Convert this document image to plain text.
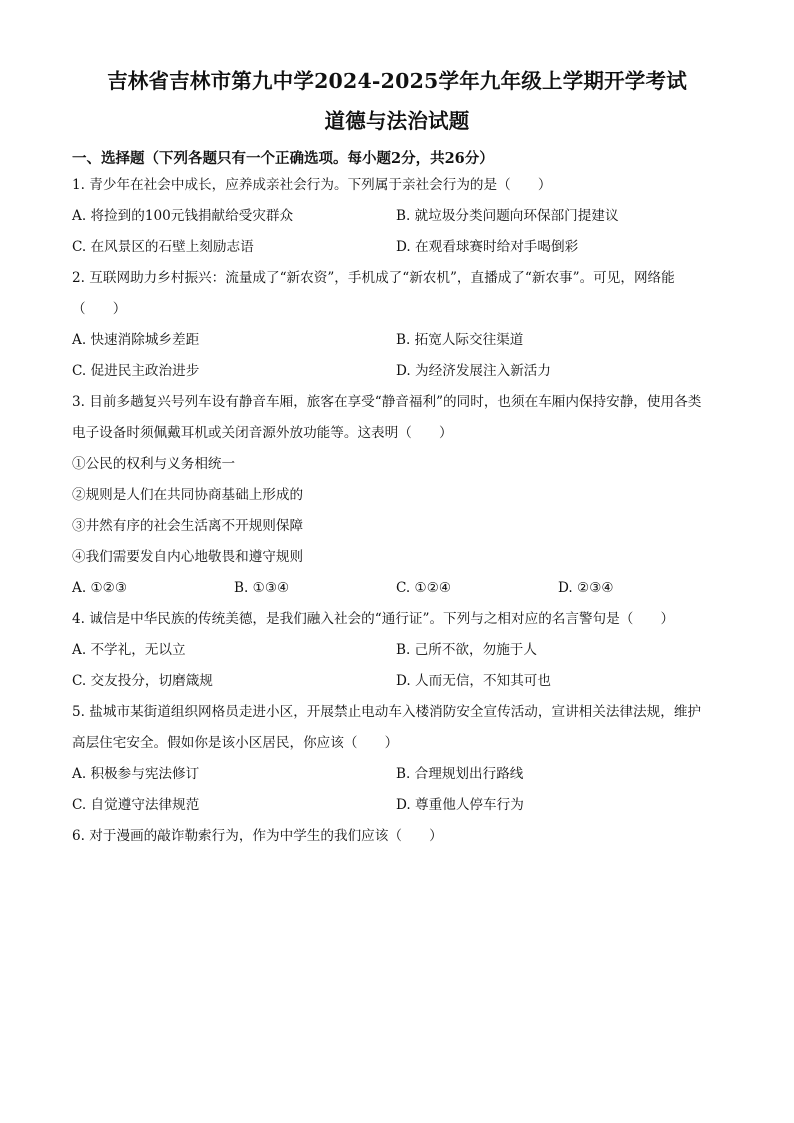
吉林省吉林市第九中学2024-2025学年九年级上学期开学考试
道德与法治试题
一、选择题（下列各题只有一个正确选项。每小题2分，共26分）
1. 青少年在社会中成长，应养成亲社会行为。下列属于亲社会行为的是（　　）
A. 将捡到的100元钱捐献给受灾群众	B. 就垃圾分类问题向环保部门提建议
C. 在风景区的石壁上刻励志语	D. 在观看球赛时给对手喝倒彩
2. 互联网助力乡村振兴：流量成了“新农资”，手机成了“新农机”，直播成了“新农事”。可见，网络能
（　　）
A. 快速消除城乡差距	B. 拓宽人际交往渠道
C. 促进民主政治进步	D. 为经济发展注入新活力
3. 目前多趟复兴号列车设有静音车厢，旅客在享受“静音福利”的同时，也须在车厢内保持安静，使用各类
电子设备时须佩戴耳机或关闭音源外放功能等。这表明（　　）
①公民的权利与义务相统一
②规则是人们在共同协商基础上形成的
③井然有序的社会生活离不开规则保障
④我们需要发自内心地敬畏和遵守规则
A. ①②③	B. ①③④	C. ①②④	D. ②③④
4. 诚信是中华民族的传统美德，是我们融入社会的“通行证”。下列与之相对应的名言警句是（　　）
A. 不学礼，无以立	B. 己所不欲，勿施于人
C. 交友投分，切磨箴规	D. 人而无信，不知其可也
5. 盐城市某街道组织网格员走进小区，开展禁止电动车入楼消防安全宣传活动，宣讲相关法律法规，维护
高层住宅安全。假如你是该小区居民，你应该（　　）
A. 积极参与宪法修订	B. 合理规划出行路线
C. 自觉遵守法律规范	D. 尊重他人停车行为
6. 对于漫画的敲诈勒索行为，作为中学生的我们应该（　　）
